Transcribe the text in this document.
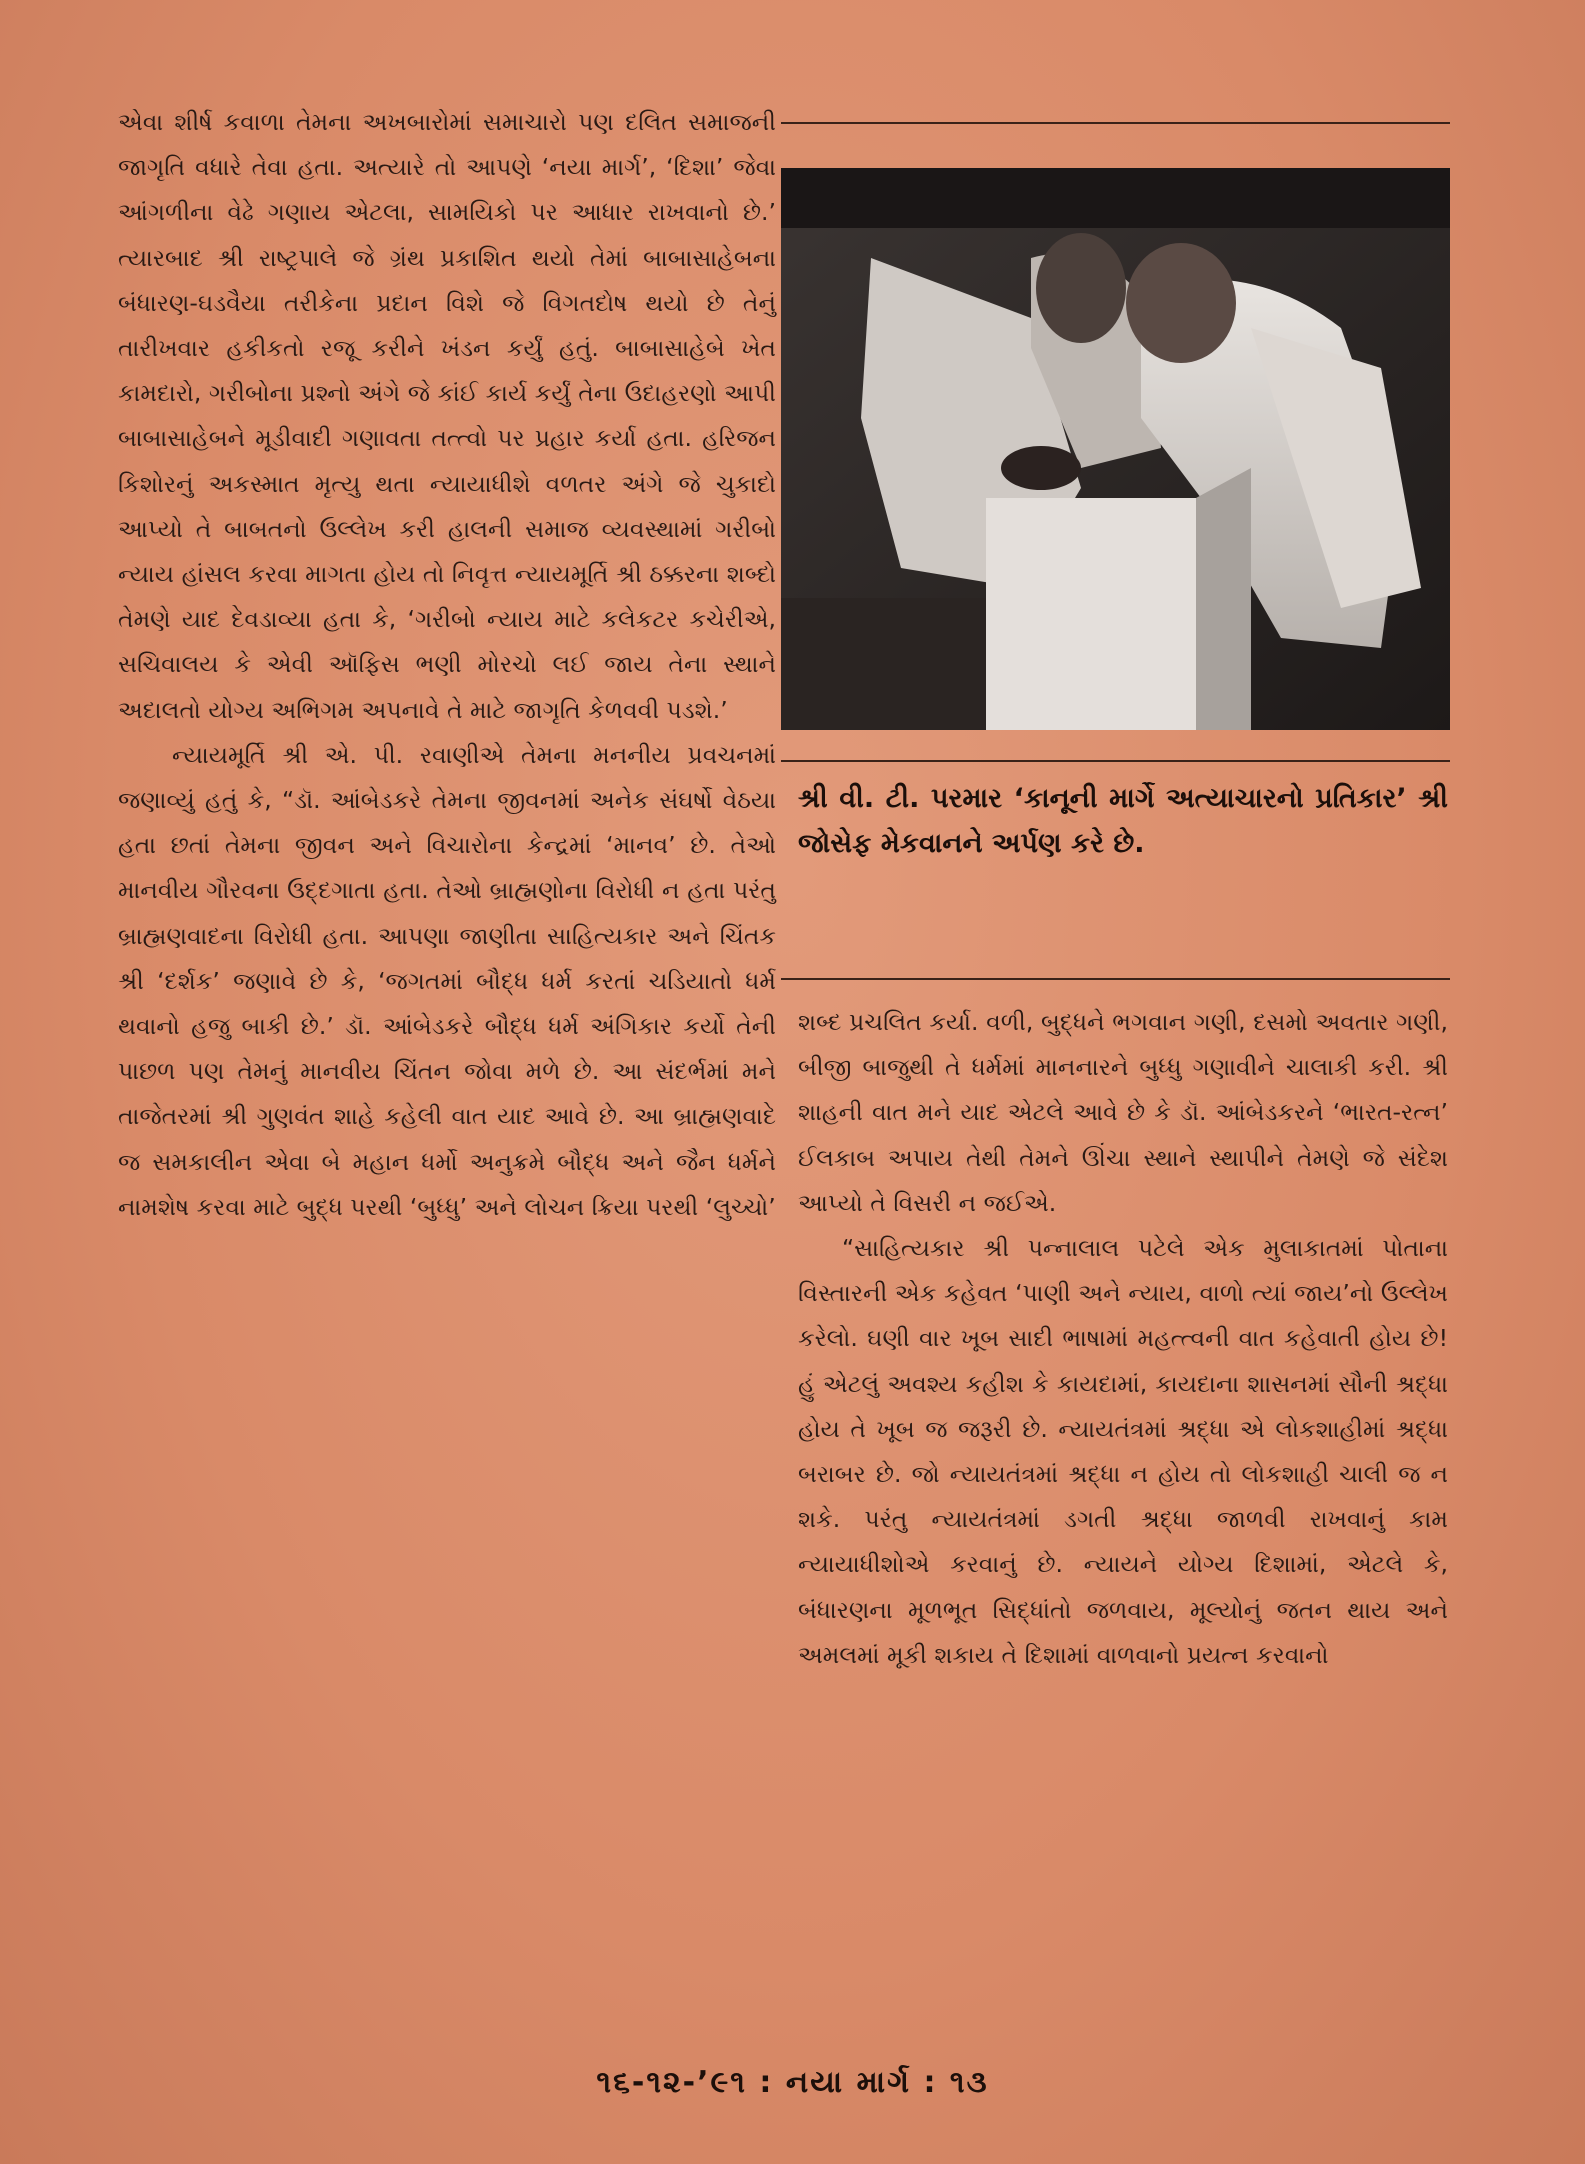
એવા શીર્ષ કવાળા તેમના અખબારોમાં સમાચારો પણ દલિત સમાજની જાગૃતિ વધારે તેવા હતા. અત્યારે તો આપણે ‘નયા માર્ગ’, ‘દિશા’ જેવા આંગળીના વેઢે ગણાય એટલા, સામયિકો પર આધાર રાખવાનો છે.’ ત્યારબાદ શ્રી રાષ્ટ્રપાલે જે ગ્રંથ પ્રકાશિત થયો તેમાં બાબાસાહેબના બંધારણ-ઘડવૈયા તરીકેના પ્રદાન વિશે જે વિગતદોષ થયો છે તેનું તારીખવાર હકીકતો રજૂ કરીને ખંડન કર્યું હતું. બાબાસાહેબે ખેત કામદારો, ગરીબોના પ્રશ્નો અંગે જે કાંઈ કાર્ય કર્યું તેના ઉદાહરણો આપી બાબાસાહેબને મૂડીવાદી ગણાવતા તત્ત્વો પર પ્રહાર કર્યા હતા. હરિજન કિશોરનું અકસ્માત મૃત્યુ થતા ન્યાયાધીશે વળતર અંગે જે ચુકાદો આપ્યો તે બાબતનો ઉલ્લેખ કરી હાલની સમાજ વ્યવસ્થામાં ગરીબો ન્યાય હાંસલ કરવા માગતા હોય તો નિવૃત્ત ન્યાયમૂર્તિ શ્રી ઠક્કરના શબ્દો તેમણે યાદ દેવડાવ્યા હતા કે, ‘ગરીબો ન્યાય માટે કલેકટર કચેરીએ, સચિવાલય કે એવી ઑફિસ ભણી મોરચો લઈ જાય તેના સ્થાને અદાલતો યોગ્ય અભિગમ અપનાવે તે માટે જાગૃતિ કેળવવી પડશે.’

ન્યાયમૂર્તિ શ્રી એ. પી. રવાણીએ તેમના મનનીય પ્રવચનમાં જણાવ્યું હતું કે, “ડૉ. આંબેડકરે તેમના જીવનમાં અનેક સંઘર્ષો વેઠયા હતા છતાં તેમના જીવન અને વિચારોના કેન્દ્રમાં ‘માનવ’ છે. તેઓ માનવીય ગૌરવના ઉદ્દગાતા હતા. તેઓ બ્રાહ્મણોના વિરોધી ન હતા પરંતુ બ્રાહ્મણવાદના વિરોધી હતા. આપણા જાણીતા સાહિત્યકાર અને ચિંતક શ્રી ‘દર્શક’ જણાવે છે કે, ‘જગતમાં બૌદ્ધ ધર્મ કરતાં ચડિયાતો ધર્મ થવાનો હજુ બાકી છે.’ ડૉ. આંબેડકરે બૌદ્ધ ધર્મ અંગિકાર કર્યો તેની પાછળ પણ તેમનું માનવીય ચિંતન જોવા મળે છે. આ સંદર્ભમાં મને તાજેતરમાં શ્રી ગુણવંત શાહે કહેલી વાત યાદ આવે છે. આ બ્રાહ્મણવાદે જ સમકાલીન એવા બે મહાન ધર્મો અનુક્રમે બૌદ્ધ અને જૈન ધર્મને નામશેષ કરવા માટે બુદ્ધ પરથી ‘બુધ્ધુ’ અને લોચન ક્રિયા પરથી ‘લુચ્ચો’

શ્રી વી. ટી. પરમાર ‘કાનૂની માર્ગે અત્યાચારનો પ્રતિકાર’ શ્રી જોસેફ મેકવાનને અર્પણ કરે છે.

શબ્દ પ્રચલિત કર્યા. વળી, બુદ્ધને ભગવાન ગણી, દસમો અવતાર ગણી, બીજી બાજુથી તે ધર્મમાં માનનારને બુધ્ધુ ગણાવીને ચાલાકી કરી. શ્રી શાહની વાત મને યાદ એટલે આવે છે કે ડૉ. આંબેડકરને ‘ભારત-રત્ન’ ઈલકાબ અપાય તેથી તેમને ઊંચા સ્થાને સ્થાપીને તેમણે જે સંદેશ આપ્યો તે વિસરી ન જઈએ.

“સાહિત્યકાર શ્રી પન્નાલાલ પટેલે એક મુલાકાતમાં પોતાના વિસ્તારની એક કહેવત ‘પાણી અને ન્યાય, વાળો ત્યાં જાય’નો ઉલ્લેખ કરેલો. ઘણી વાર ખૂબ સાદી ભાષામાં મહત્ત્વની વાત કહેવાતી હોય છે! હું એટલું અવશ્ય કહીશ કે કાયદામાં, કાયદાના શાસનમાં સૌની શ્રદ્ધા હોય તે ખૂબ જ જરૂરી છે. ન્યાયતંત્રમાં શ્રદ્ધા એ લોકશાહીમાં શ્રદ્ધા બરાબર છે. જો ન્યાયતંત્રમાં શ્રદ્ધા ન હોય તો લોકશાહી ચાલી જ ન શકે. પરંતુ ન્યાયતંત્રમાં ડગતી શ્રદ્ધા જાળવી રાખવાનું કામ ન્યાયાધીશોએ કરવાનું છે. ન્યાયને યોગ્ય દિશામાં, એટલે કે, બંધારણના મૂળભૂત સિદ્ધાંતો જળવાય, મૂલ્યોનું જતન થાય અને અમલમાં મૂકી શકાય તે દિશામાં વાળવાનો પ્રયત્ન કરવાનો

૧૬-૧૨-’૯૧ : નયા માર્ગ : ૧૩
